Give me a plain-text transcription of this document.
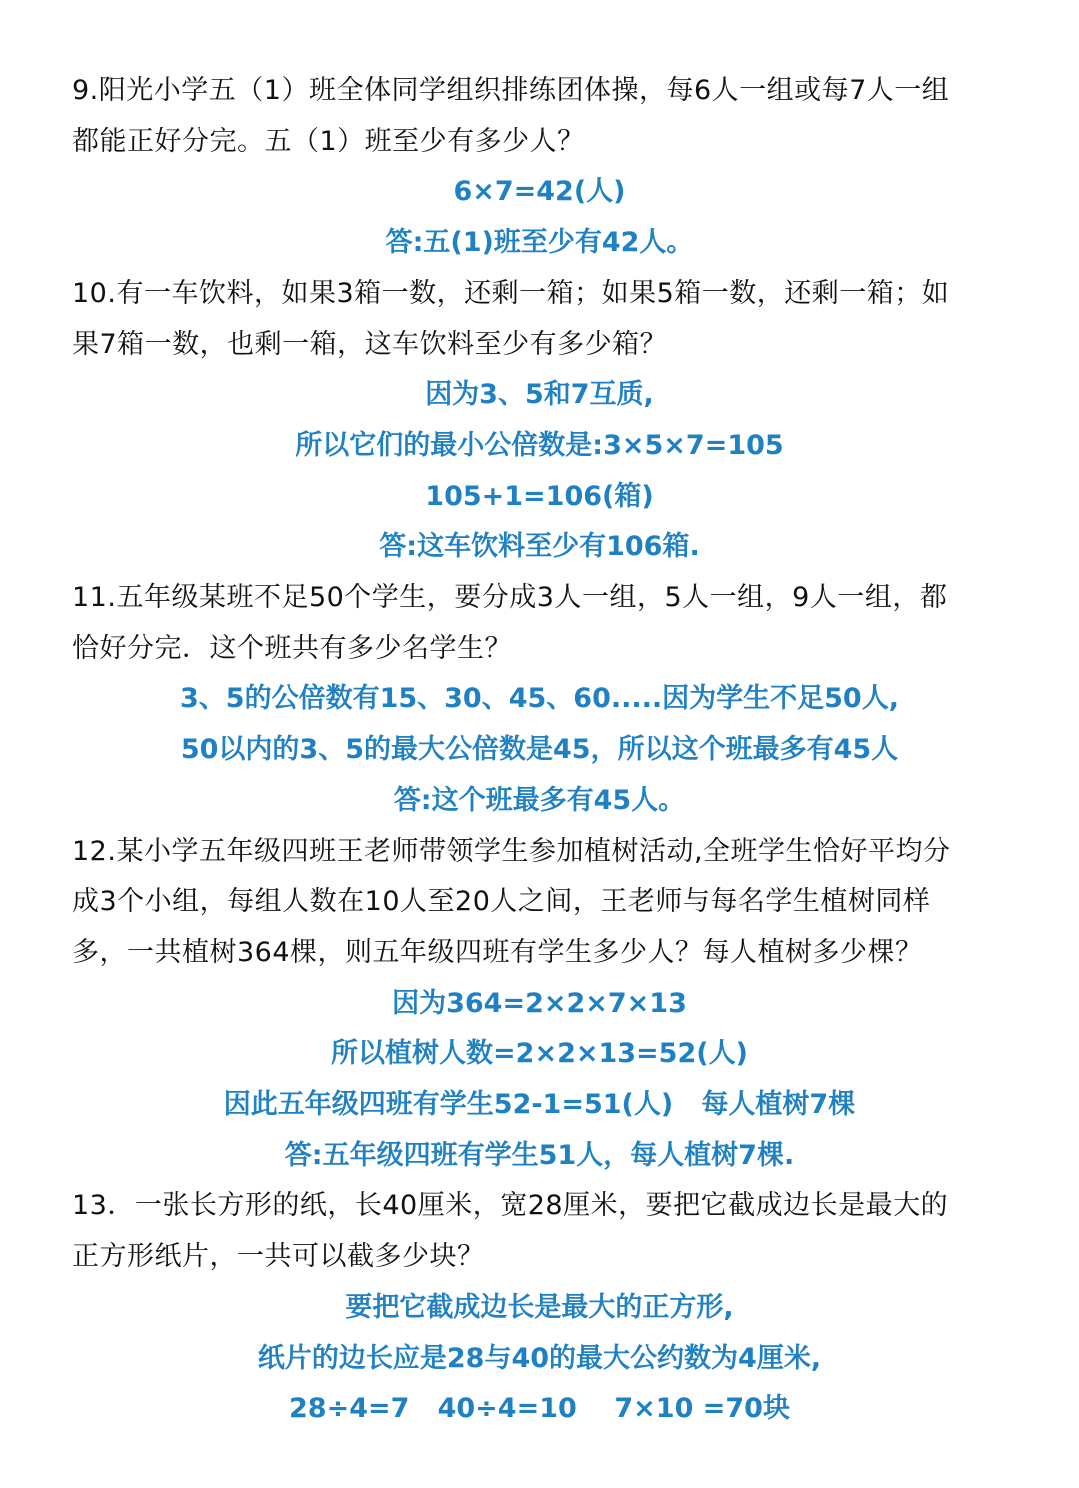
9.阳光小学五（1）班全体同学组织排练团体操，每6人一组或每7人一组

都能正好分完。五（1）班至少有多少人？

6×7=42(人)

答:五(1)班至少有42人。

10.有一车饮料，如果3箱一数，还剩一箱；如果5箱一数，还剩一箱；如

果7箱一数，也剩一箱，这车饮料至少有多少箱？

因为3、5和7互质,

所以它们的最小公倍数是:3×5×7=105

105+1=106(箱)

答:这车饮料至少有106箱.

11.五年级某班不足50个学生，要分成3人一组，5人一组，9人一组，都

恰好分完．这个班共有多少名学生？

3、5的公倍数有15、30、45、60.....因为学生不足50人,

50以内的3、5的最大公倍数是45，所以这个班最多有45人

答:这个班最多有45人。

12.某小学五年级四班王老师带领学生参加植树活动,全班学生恰好平均分

成3个小组，每组人数在10人至20人之间，王老师与每名学生植树同样

多，一共植树364棵，则五年级四班有学生多少人？每人植树多少棵？

因为364=2×2×7×13

所以植树人数=2×2×13=52(人)

因此五年级四班有学生52-1=51(人)   每人植树7棵

答:五年级四班有学生51人，每人植树7棵.

13．一张长方形的纸，长40厘米，宽28厘米，要把它截成边长是最大的

正方形纸片，一共可以截多少块？

要把它截成边长是最大的正方形,

纸片的边长应是28与40的最大公约数为4厘米,

28÷4=7   40÷4=10    7×10 =70块
